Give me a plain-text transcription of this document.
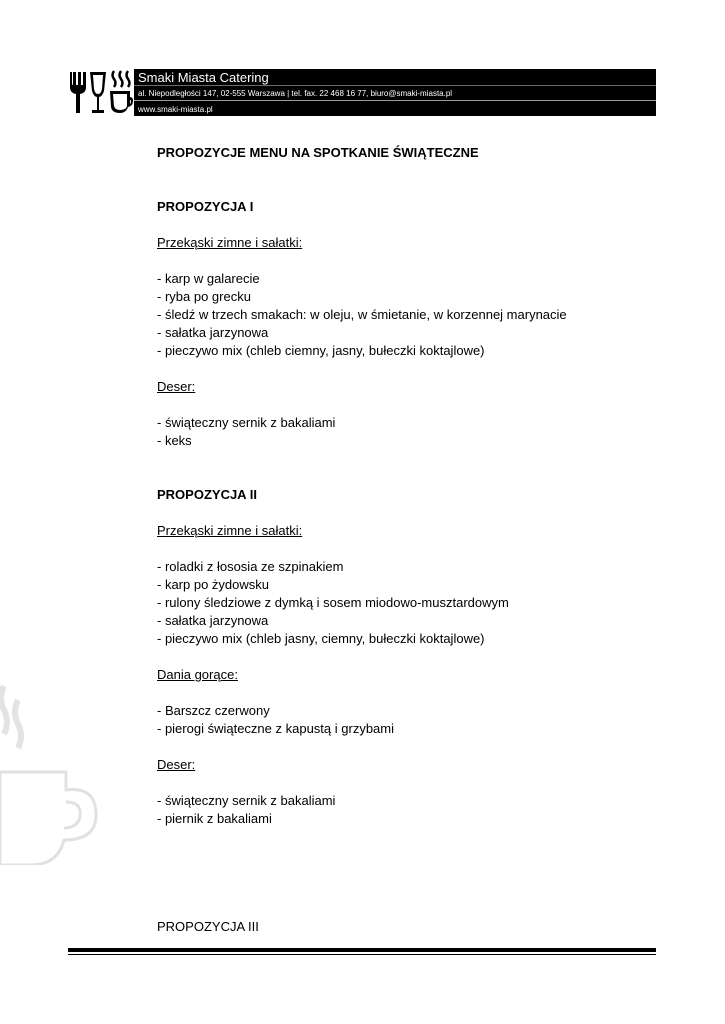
Smaki Miasta Catering
al. Niepodległości 147, 02-555 Warszawa | tel. fax. 22 468 16 77, biuro@smaki-miasta.pl
www.smaki-miasta.pl
PROPOZYCJE MENU NA SPOTKANIE ŚWIĄTECZNE
PROPOZYCJA I
Przekąski zimne i sałatki:
- karp w galarecie
- ryba po grecku
- śledź w trzech smakach: w oleju, w śmietanie, w korzennej marynacie
- sałatka jarzynowa
- pieczywo mix (chleb ciemny, jasny, bułeczki koktajlowe)
Deser:
- świąteczny sernik z bakaliami
- keks
PROPOZYCJA II
Przekąski zimne i sałatki:
- roladki z łososia ze szpinakiem
- karp po żydowsku
- rulony śledziowe z dymką i sosem miodowo-musztardowym
- sałatka jarzynowa
- pieczywo mix (chleb jasny, ciemny, bułeczki koktajlowe)
Dania gorące:
- Barszcz czerwony
- pierogi świąteczne z kapustą i grzybami
Deser:
- świąteczny sernik z bakaliami
- piernik z bakaliami
PROPOZYCJA III
